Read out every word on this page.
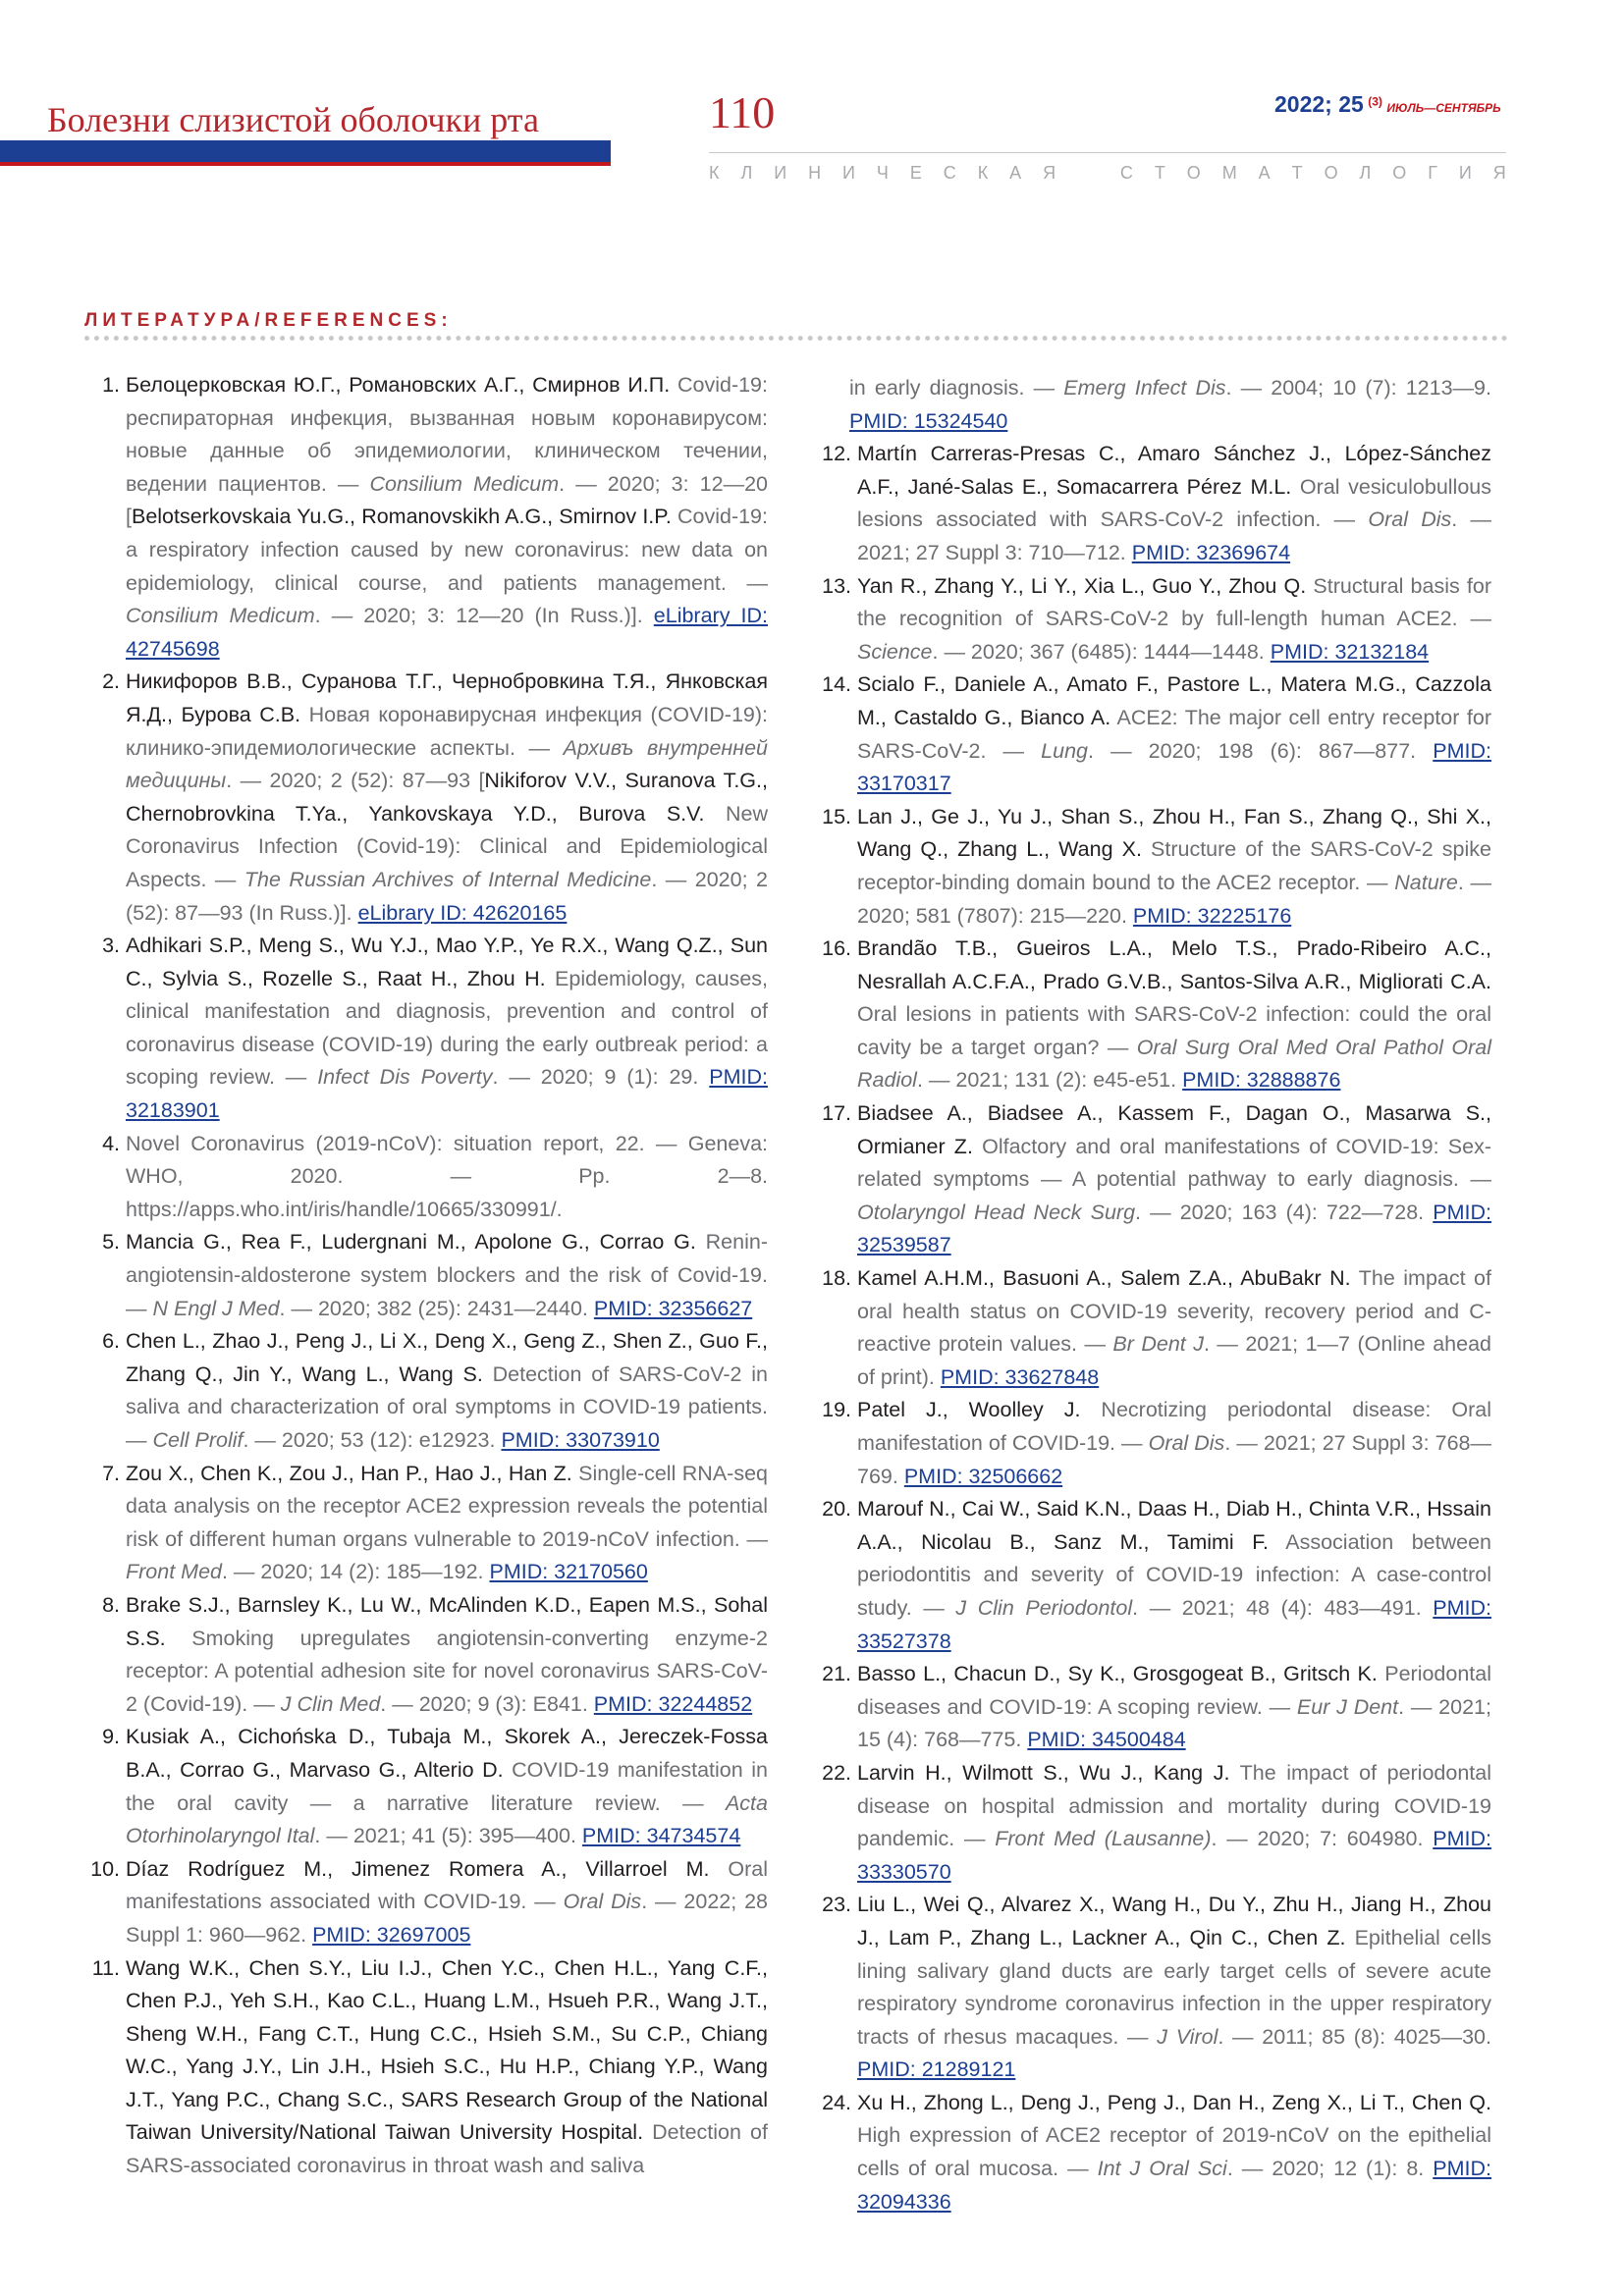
Болезни слизистой оболочки рта	110	2022; 25 $^{(3)}$ ИЮЛЬ—СЕНТЯБРЬ
К Л И Н И Ч Е С К А Я	С Т О М А Т О Л О Г И Я
ЛИТЕРАТУРА/REFERENCES:
1. Белоцерковская Ю.Г., Романовских А.Г., Смирнов И.П. Covid-19: респираторная инфекция, вызванная новым коронавирусом: новые данные об эпидемиологии, клиническом течении, ведении пациентов. — Consilium Medicum. — 2020; 3: 12—20 [Belotserkovskaia Yu.G., Romanovskikh A.G., Smirnov I.P. Covid-19: a respiratory infection caused by new coronavirus: new data on epidemiology, clinical course, and patients management. — Consilium Medicum. — 2020; 3: 12—20 (In Russ.)]. eLibrary ID: 42745698
2. Никифоров В.В., Суранова Т.Г., Чернобровкина Т.Я., Янковская Я.Д., Бурова С.В. Новая коронавирусная инфекция (COVID-19): клинико-эпидемиологические аспекты. — Архивъ внутренней медицины. — 2020; 2 (52): 87—93 [Nikiforov V.V., Suranova T.G., Chernobrovkina T.Ya., Yankovskaya Y.D., Burova S.V. New Coronavirus Infection (Covid-19): Clinical and Epidemiological Aspects. — The Russian Archives of Internal Medicine. — 2020; 2 (52): 87—93 (In Russ.)]. eLibrary ID: 42620165
3. Adhikari S.P., Meng S., Wu Y.J., Mao Y.P., Ye R.X., Wang Q.Z., Sun C., Sylvia S., Rozelle S., Raat H., Zhou H. Epidemiology, causes, clinical manifestation and diagnosis, prevention and control of coronavirus disease (COVID-19) during the early outbreak period: a scoping review. — Infect Dis Poverty. — 2020; 9 (1): 29. PMID: 32183901
4. Novel Coronavirus (2019-nCoV): situation report, 22. — Geneva: WHO, 2020. — Pp. 2—8. https://apps.who.int/iris/handle/10665/330991/.
5. Mancia G., Rea F., Ludergnani M., Apolone G., Corrao G. Renin-angiotensin-aldosterone system blockers and the risk of Covid-19. — N Engl J Med. — 2020; 382 (25): 2431—2440. PMID: 32356627
6. Chen L., Zhao J., Peng J., Li X., Deng X., Geng Z., Shen Z., Guo F., Zhang Q., Jin Y., Wang L., Wang S. Detection of SARS-CoV-2 in saliva and characterization of oral symptoms in COVID-19 patients. — Cell Prolif. — 2020; 53 (12): e12923. PMID: 33073910
7. Zou X., Chen K., Zou J., Han P., Hao J., Han Z. Single-cell RNA-seq data analysis on the receptor ACE2 expression reveals the potential risk of different human organs vulnerable to 2019-nCoV infection. — Front Med. — 2020; 14 (2): 185—192. PMID: 32170560
8. Brake S.J., Barnsley K., Lu W., McAlinden K.D., Eapen M.S., Sohal S.S. Smoking upregulates angiotensin-converting enzyme-2 receptor: A potential adhesion site for novel coronavirus SARS-CoV-2 (Covid-19). — J Clin Med. — 2020; 9 (3): E841. PMID: 32244852
9. Kusiak A., Cichońska D., Tubaja M., Skorek A., Jereczek-Fossa B.A., Corrao G., Marvaso G., Alterio D. COVID-19 manifestation in the oral cavity — a narrative literature review. — Acta Otorhinolaryngol Ital. — 2021; 41 (5): 395—400. PMID: 34734574
10. Díaz Rodríguez M., Jimenez Romera A., Villarroel M. Oral manifestations associated with COVID-19. — Oral Dis. — 2022; 28 Suppl 1: 960—962. PMID: 32697005
11. Wang W.K., Chen S.Y., Liu I.J., Chen Y.C., Chen H.L., Yang C.F., Chen P.J., Yeh S.H., Kao C.L., Huang L.M., Hsueh P.R., Wang J.T., Sheng W.H., Fang C.T., Hung C.C., Hsieh S.M., Su C.P., Chiang W.C., Yang J.Y., Lin J.H., Hsieh S.C., Hu H.P., Chiang Y.P., Wang J.T., Yang P.C., Chang S.C., SARS Research Group of the National Taiwan University/National Taiwan University Hospital. Detection of SARS-associated coronavirus in throat wash and saliva
in early diagnosis. — Emerg Infect Dis. — 2004; 10 (7): 1213—9. PMID: 15324540
12. Martín Carreras-Presas C., Amaro Sánchez J., López-Sánchez A.F., Jané-Salas E., Somacarrera Pérez M.L. Oral vesiculobullous lesions associated with SARS-CoV-2 infection. — Oral Dis. — 2021; 27 Suppl 3: 710—712. PMID: 32369674
13. Yan R., Zhang Y., Li Y., Xia L., Guo Y., Zhou Q. Structural basis for the recognition of SARS-CoV-2 by full-length human ACE2. — Science. — 2020; 367 (6485): 1444—1448. PMID: 32132184
14. Scialo F., Daniele A., Amato F., Pastore L., Matera M.G., Cazzola M., Castaldo G., Bianco A. ACE2: The major cell entry receptor for SARS-CoV-2. — Lung. — 2020; 198 (6): 867—877. PMID: 33170317
15. Lan J., Ge J., Yu J., Shan S., Zhou H., Fan S., Zhang Q., Shi X., Wang Q., Zhang L., Wang X. Structure of the SARS-CoV-2 spike receptor-binding domain bound to the ACE2 receptor. — Nature. — 2020; 581 (7807): 215—220. PMID: 32225176
16. Brandão T.B., Gueiros L.A., Melo T.S., Prado-Ribeiro A.C., Nesrallah A.C.F.A., Prado G.V.B., Santos-Silva A.R., Migliorati C.A. Oral lesions in patients with SARS-CoV-2 infection: could the oral cavity be a target organ? — Oral Surg Oral Med Oral Pathol Oral Radiol. — 2021; 131 (2): e45-e51. PMID: 32888876
17. Biadsee A., Biadsee A., Kassem F., Dagan O., Masarwa S., Ormianer Z. Olfactory and oral manifestations of COVID-19: Sex-related symptoms — A potential pathway to early diagnosis. — Otolaryngol Head Neck Surg. — 2020; 163 (4): 722—728. PMID: 32539587
18. Kamel A.H.M., Basuoni A., Salem Z.A., AbuBakr N. The impact of oral health status on COVID-19 severity, recovery period and C-reactive protein values. — Br Dent J. — 2021; 1—7 (Online ahead of print). PMID: 33627848
19. Patel J., Woolley J. Necrotizing periodontal disease: Oral manifestation of COVID-19. — Oral Dis. — 2021; 27 Suppl 3: 768—769. PMID: 32506662
20. Marouf N., Cai W., Said K.N., Daas H., Diab H., Chinta V.R., Hssain A.A., Nicolau B., Sanz M., Tamimi F. Association between periodontitis and severity of COVID-19 infection: A case-control study. — J Clin Periodontol. — 2021; 48 (4): 483—491. PMID: 33527378
21. Basso L., Chacun D., Sy K., Grosgogeat B., Gritsch K. Periodontal diseases and COVID-19: A scoping review. — Eur J Dent. — 2021; 15 (4): 768—775. PMID: 34500484
22. Larvin H., Wilmott S., Wu J., Kang J. The impact of periodontal disease on hospital admission and mortality during COVID-19 pandemic. — Front Med (Lausanne). — 2020; 7: 604980. PMID: 33330570
23. Liu L., Wei Q., Alvarez X., Wang H., Du Y., Zhu H., Jiang H., Zhou J., Lam P., Zhang L., Lackner A., Qin C., Chen Z. Epithelial cells lining salivary gland ducts are early target cells of severe acute respiratory syndrome coronavirus infection in the upper respiratory tracts of rhesus macaques. — J Virol. — 2011; 85 (8): 4025—30. PMID: 21289121
24. Xu H., Zhong L., Deng J., Peng J., Dan H., Zeng X., Li T., Chen Q. High expression of ACE2 receptor of 2019-nCoV on the epithelial cells of oral mucosa. — Int J Oral Sci. — 2020; 12 (1): 8. PMID: 32094336
